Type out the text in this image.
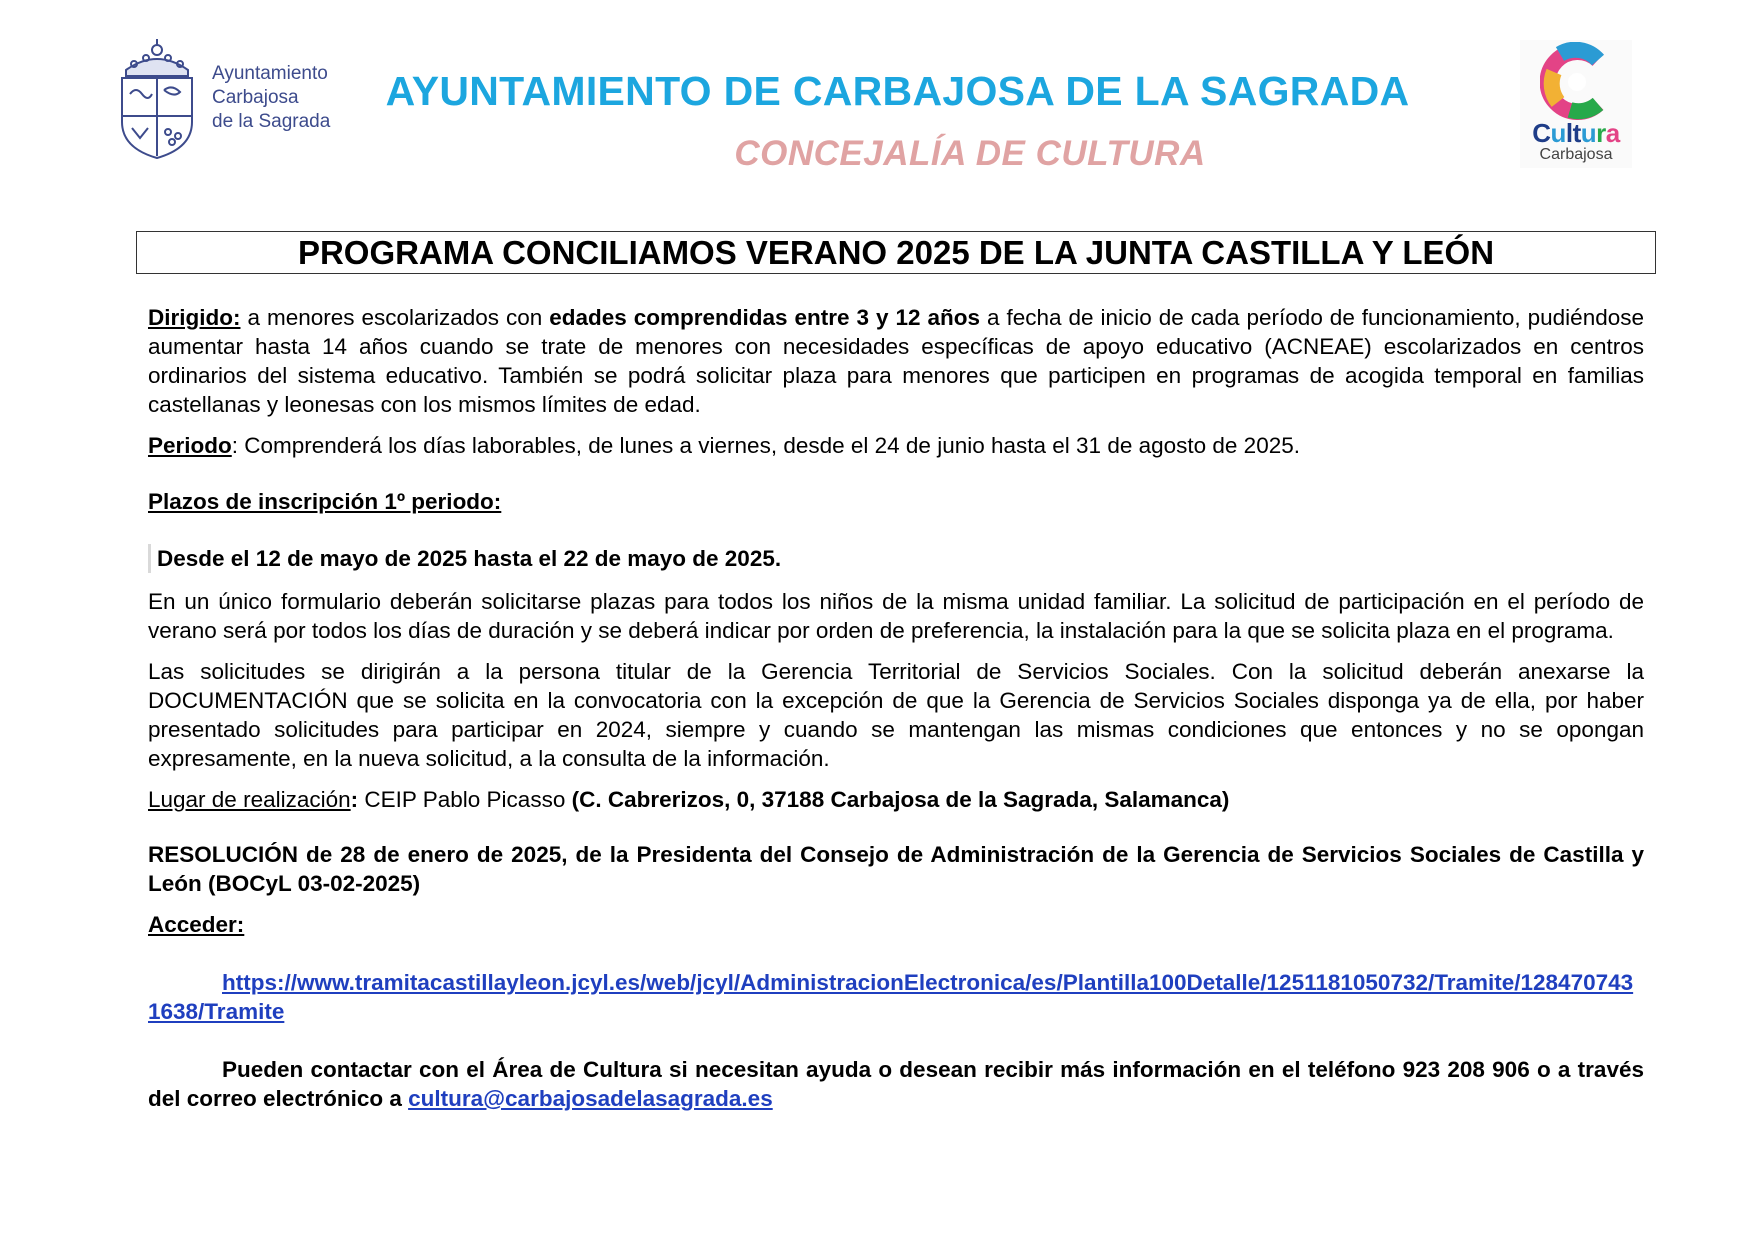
Ayuntamiento
Carbajosa
de la Sagrada
AYUNTAMIENTO DE CARBAJOSA DE LA SAGRADA
CONCEJALÍA DE CULTURA
Cultura
Carbajosa
PROGRAMA CONCILIAMOS VERANO 2025 DE LA JUNTA CASTILLA Y LEÓN

Dirigido: a menores escolarizados con edades comprendidas entre 3 y 12 años a fecha de inicio de cada período de funcionamiento, pudiéndose aumentar hasta 14 años cuando se trate de menores con necesidades específicas de apoyo educativo (ACNEAE) escolarizados en centros ordinarios del sistema educativo. También se podrá solicitar plaza para menores que participen en programas de acogida temporal en familias castellanas y leonesas con los mismos límites de edad.

Periodo: Comprenderá los días laborables, de lunes a viernes, desde el 24 de junio hasta el 31 de agosto de 2025.

Plazos de inscripción 1º periodo:

Desde el 12 de mayo de 2025 hasta el 22 de mayo de 2025.

En un único formulario deberán solicitarse plazas para todos los niños de la misma unidad familiar. La solicitud de participación en el período de verano será por todos los días de duración y se deberá indicar por orden de preferencia, la instalación para la que se solicita plaza en el programa.

Las solicitudes se dirigirán a la persona titular de la Gerencia Territorial de Servicios Sociales. Con la solicitud deberán anexarse la DOCUMENTACIÓN que se solicita en la convocatoria con la excepción de que la Gerencia de Servicios Sociales disponga ya de ella, por haber presentado solicitudes para participar en 2024, siempre y cuando se mantengan las mismas condiciones que entonces y no se opongan expresamente, en la nueva solicitud, a la consulta de la información.

Lugar de realización: CEIP Pablo Picasso (C. Cabrerizos, 0, 37188 Carbajosa de la Sagrada, Salamanca)

RESOLUCIÓN de 28 de enero de 2025, de la Presidenta del Consejo de Administración de la Gerencia de Servicios Sociales de Castilla y León (BOCyL 03-02-2025)

Acceder:

https://www.tramitacastillayleon.jcyl.es/web/jcyl/AdministracionElectronica/es/Plantilla100Detalle/1251181050732/Tramite/1284707431638/Tramite

Pueden contactar con el Área de Cultura si necesitan ayuda o desean recibir más información en el teléfono 923 208 906 o a través del correo electrónico a cultura@carbajosadelasagrada.es
